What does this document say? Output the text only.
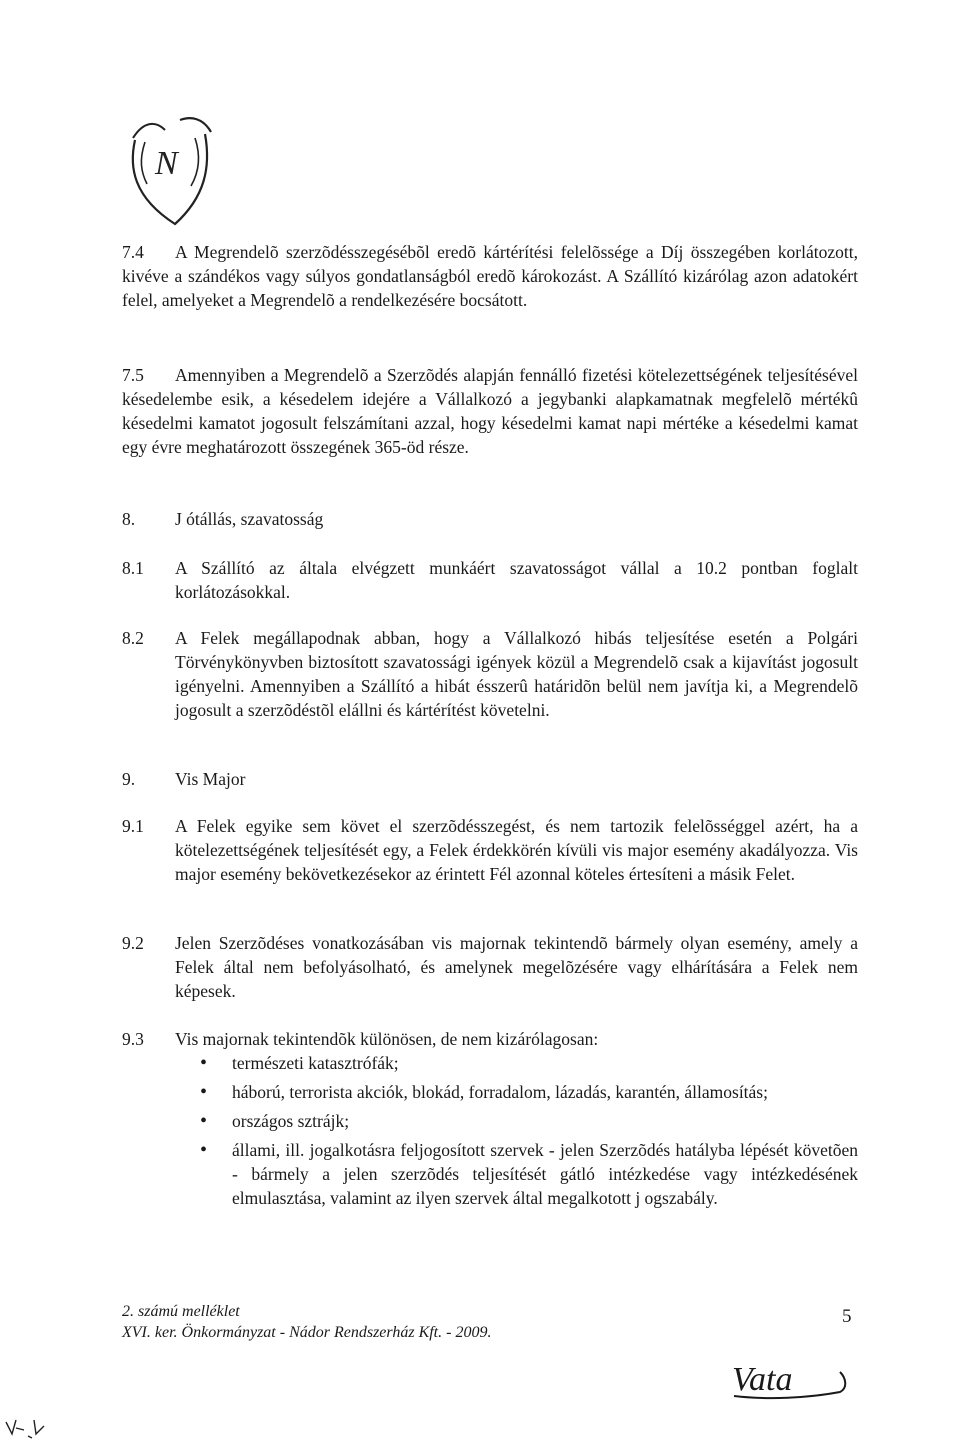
N
7.4 A Megrendelõ szerzõdésszegésébõl eredõ kártérítési felelõssége a Díj összegében korlátozott, kivéve a szándékos vagy súlyos gondatlanságból eredõ károkozást. A Szállító kizárólag azon adatokért felel, amelyeket a Megrendelõ a rendelkezésére bocsátott.
7.5 Amennyiben a Megrendelõ a Szerzõdés alapján fennálló fizetési kötelezettségének teljesítésével késedelembe esik, a késedelem idejére a Vállalkozó a jegybanki alapkamatnak megfelelõ mértékû késedelmi kamatot jogosult felszámítani azzal, hogy késedelmi kamat napi mértéke a késedelmi kamat egy évre meghatározott összegének 365-öd része.
8. J ótállás, szavatosság
8.1 A Szállító az általa elvégzett munkáért szavatosságot vállal a 10.2 pontban foglalt korlátozásokkal.
8.2 A Felek megállapodnak abban, hogy a Vállalkozó hibás teljesítése esetén a Polgári Törvénykönyvben biztosított szavatossági igények közül a Megrendelõ csak a kijavítást jogosult igényelni. Amennyiben a Szállító a hibát ésszerû határidõn belül nem javítja ki, a Megrendelõ jogosult a szerzõdéstõl elállni és kártérítést követelni.
9. Vis Major
9.1 A Felek egyike sem követ el szerzõdésszegést, és nem tartozik felelõsséggel azért, ha a kötelezettségének teljesítését egy, a Felek érdekkörén kívüli vis major esemény akadályozza. Vis major esemény bekövetkezésekor az érintett Fél azonnal köteles értesíteni a másik Felet.
9.2 Jelen Szerzõdéses vonatkozásában vis majornak tekintendõ bármely olyan esemény, amely a Felek által nem befolyásolható, és amelynek megelõzésére vagy elhárítására a Felek nem képesek.
9.3 Vis majornak tekintendõk különösen, de nem kizárólagosan:
• természeti katasztrófák;
• háború, terrorista akciók, blokád, forradalom, lázadás, karantén, államosítás;
• országos sztrájk;
• állami, ill. jogalkotásra feljogosított szervek - jelen Szerzõdés hatályba lépését követõen - bármely a jelen szerzõdés teljesítését gátló intézkedése vagy intézkedésének elmulasztása, valamint az ilyen szervek által megalkotott j ogszabály.
2. számú melléklet
XVI. ker. Önkormányzat - Nádor Rendszerház Kft. - 2009.
5
Vata
